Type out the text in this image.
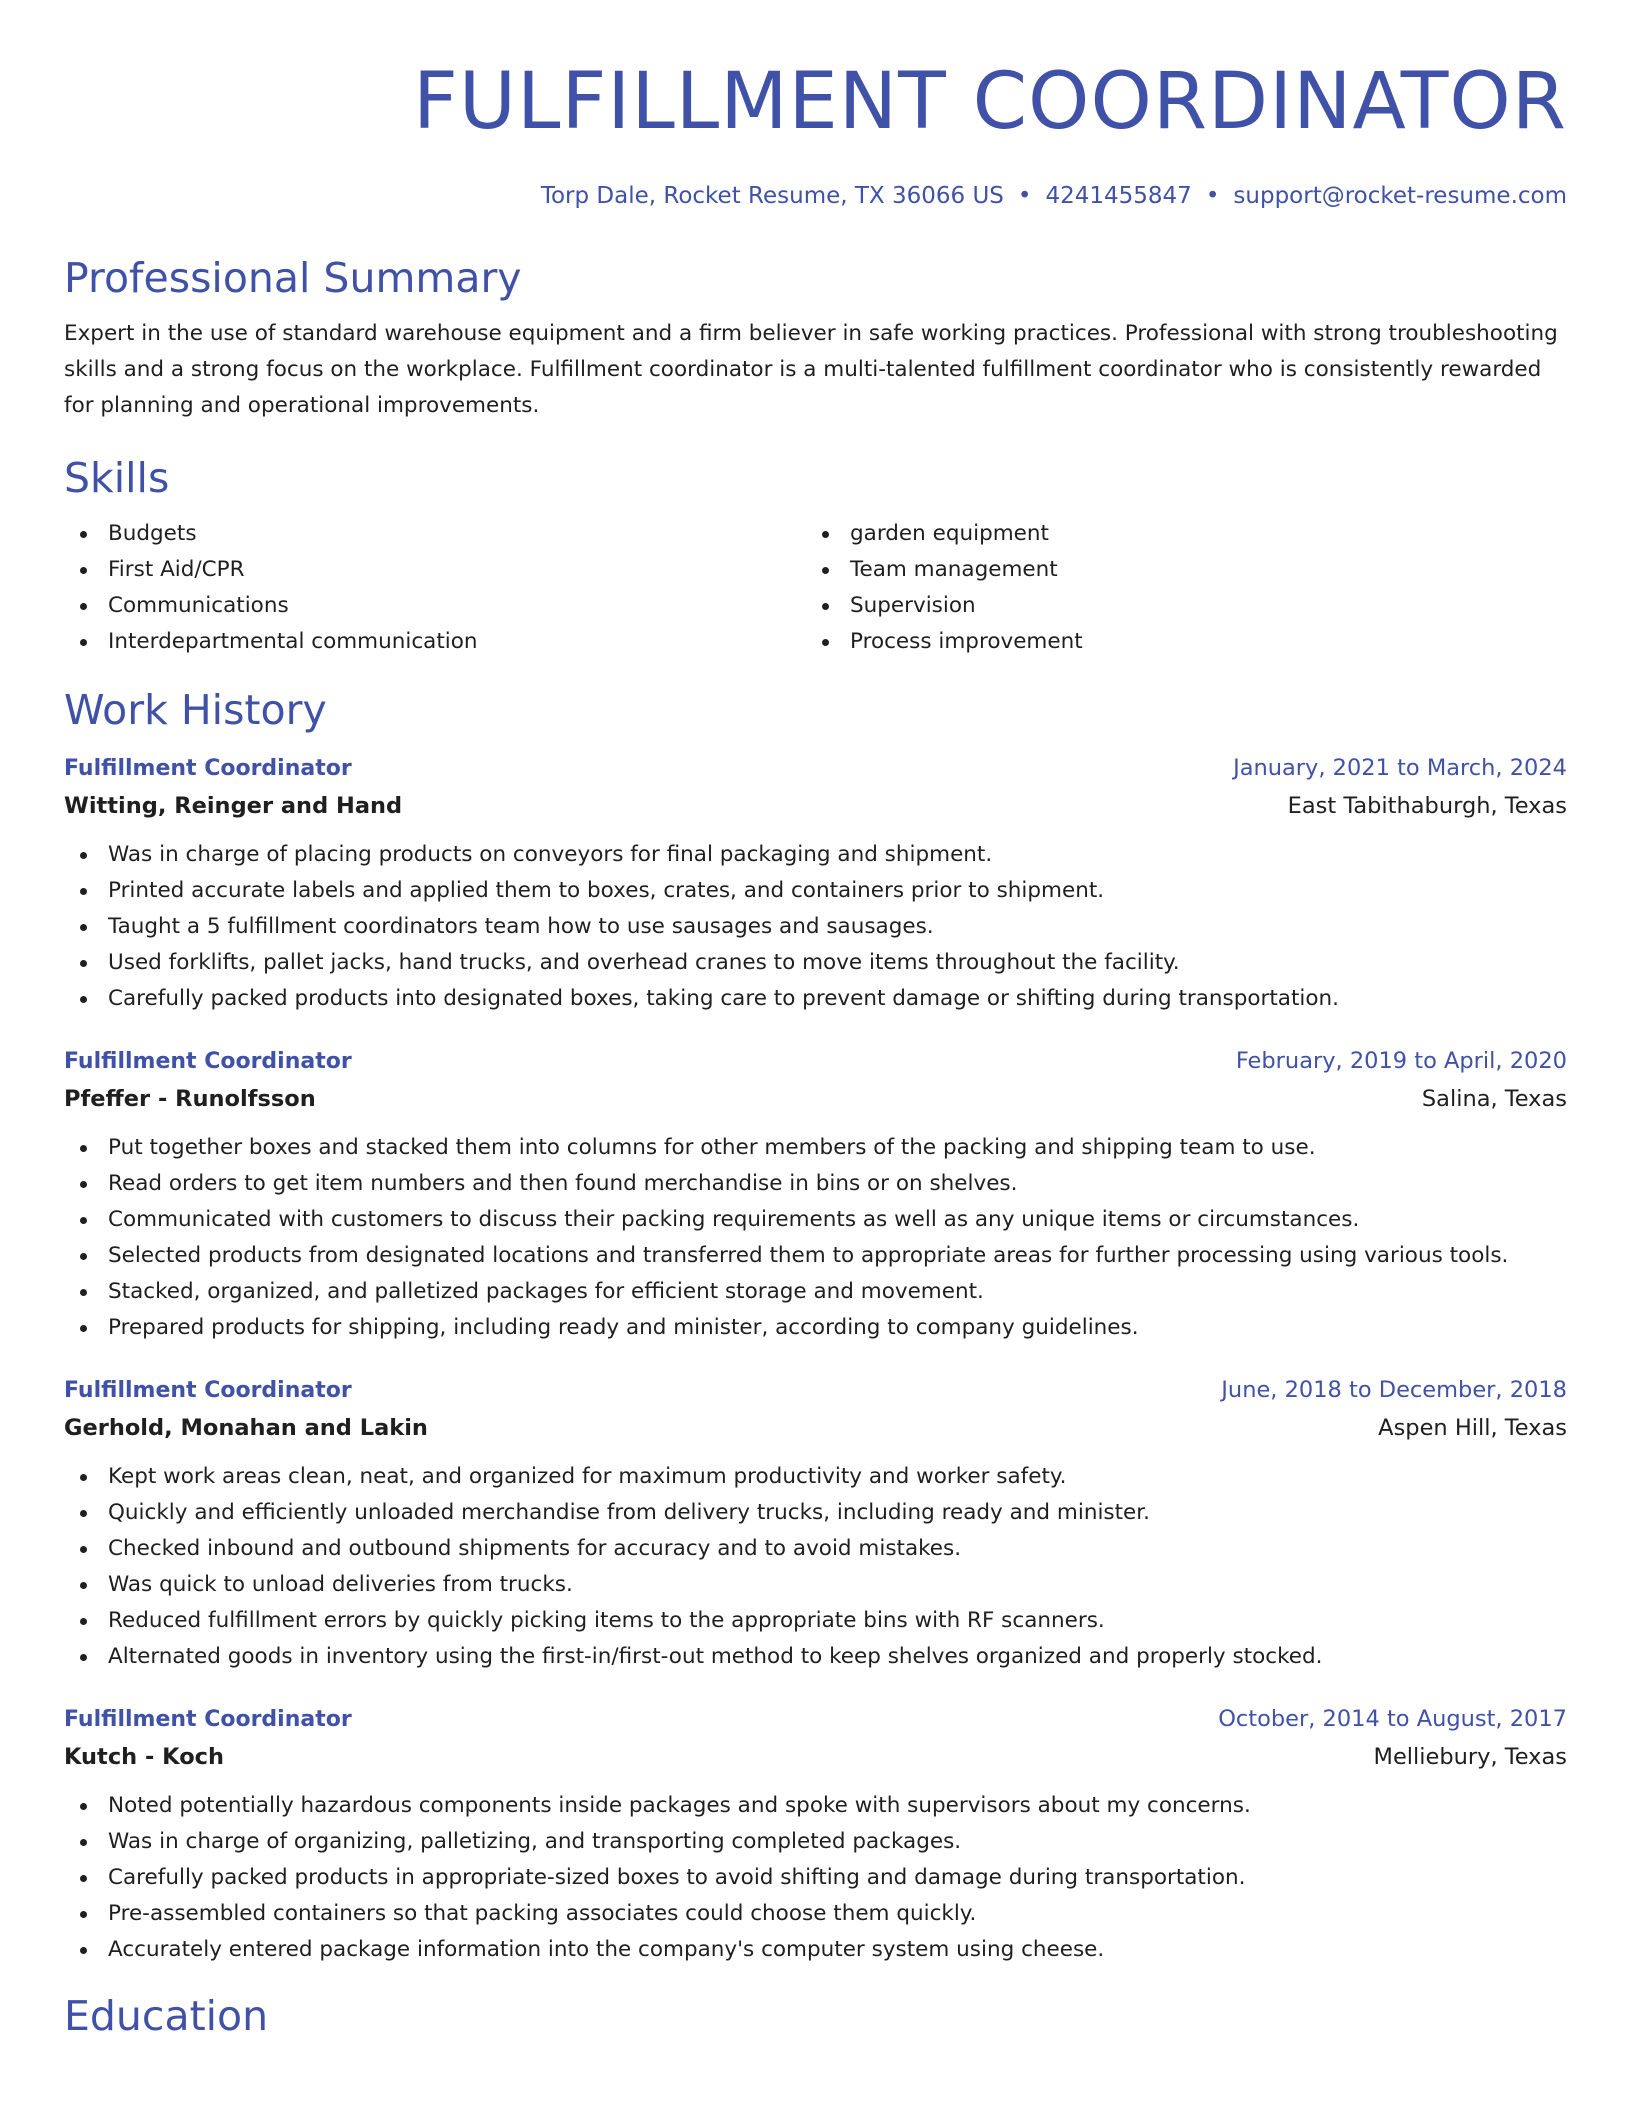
FULFILLMENT COORDINATOR
Torp Dale, Rocket Resume, TX 36066 US • 4241455847 • support@rocket-resume.com
Professional Summary

Expert in the use of standard warehouse equipment and a firm believer in safe working practices. Professional with strong troubleshooting skills and a strong focus on the workplace. Fulfillment coordinator is a multi-talented fulfillment coordinator who is consistently rewarded for planning and operational improvements.

Skills
Budgets
First Aid/CPR
Communications
Interdepartmental communication
garden equipment
Team management
Supervision
Process improvement
Work History
Fulfillment Coordinator	January, 2021 to March, 2024
Witting, Reinger and Hand	East Tabithaburgh, Texas
Was in charge of placing products on conveyors for final packaging and shipment.
Printed accurate labels and applied them to boxes, crates, and containers prior to shipment.
Taught a 5 fulfillment coordinators team how to use sausages and sausages.
Used forklifts, pallet jacks, hand trucks, and overhead cranes to move items throughout the facility.
Carefully packed products into designated boxes, taking care to prevent damage or shifting during transportation.
Fulfillment Coordinator	February, 2019 to April, 2020
Pfeffer - Runolfsson	Salina, Texas
Put together boxes and stacked them into columns for other members of the packing and shipping team to use.
Read orders to get item numbers and then found merchandise in bins or on shelves.
Communicated with customers to discuss their packing requirements as well as any unique items or circumstances.
Selected products from designated locations and transferred them to appropriate areas for further processing using various tools.
Stacked, organized, and palletized packages for efficient storage and movement.
Prepared products for shipping, including ready and minister, according to company guidelines.
Fulfillment Coordinator	June, 2018 to December, 2018
Gerhold, Monahan and Lakin	Aspen Hill, Texas
Kept work areas clean, neat, and organized for maximum productivity and worker safety.
Quickly and efficiently unloaded merchandise from delivery trucks, including ready and minister.
Checked inbound and outbound shipments for accuracy and to avoid mistakes.
Was quick to unload deliveries from trucks.
Reduced fulfillment errors by quickly picking items to the appropriate bins with RF scanners.
Alternated goods in inventory using the first-in/first-out method to keep shelves organized and properly stocked.
Fulfillment Coordinator	October, 2014 to August, 2017
Kutch - Koch	Melliebury, Texas
Noted potentially hazardous components inside packages and spoke with supervisors about my concerns.
Was in charge of organizing, palletizing, and transporting completed packages.
Carefully packed products in appropriate-sized boxes to avoid shifting and damage during transportation.
Pre-assembled containers so that packing associates could choose them quickly.
Accurately entered package information into the company's computer system using cheese.
Education
